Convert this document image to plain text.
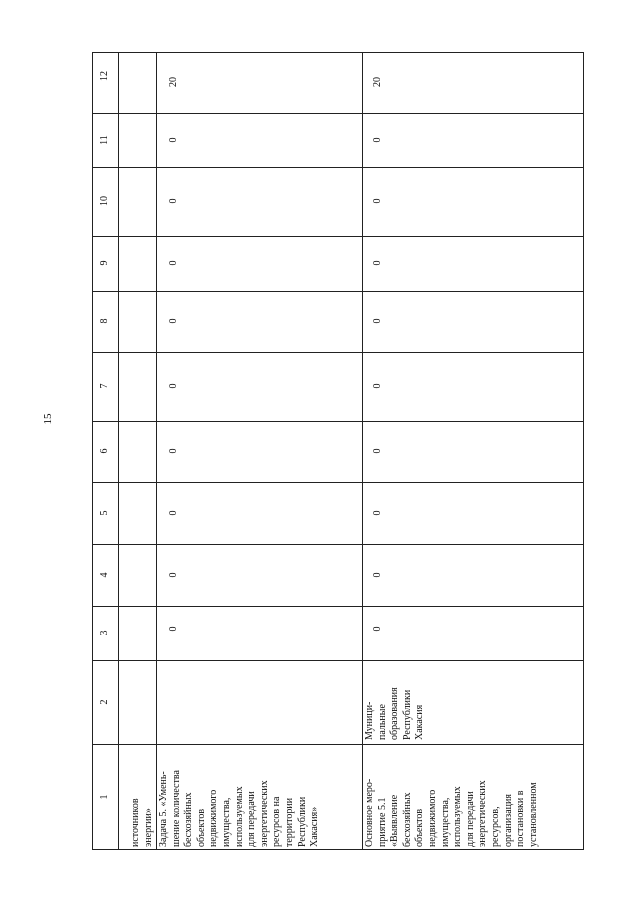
15
12
11
10
9
8
7
6
5
4
3
2
1
источников
энергии» Задача 5. «Умень-
шение количества
бесхозяйных
объектов
недвижимого
имущества,
используемых
для передачи
энергетических
ресурсов на
территории
Республики
Хакасия»
0
0
0
0
0
0
0
0
0
20
Основное меро-
приятие 5.1
«Выявление
бесхозяйных
объектов
недвижимого
имущества,
используемых
для передачи
энергетических
ресурсов,
организация
постановки в
установленном
Муници-
пальные
образования
Республики
Хакасия
0
0
0
0
0
0
0
0
0
20
